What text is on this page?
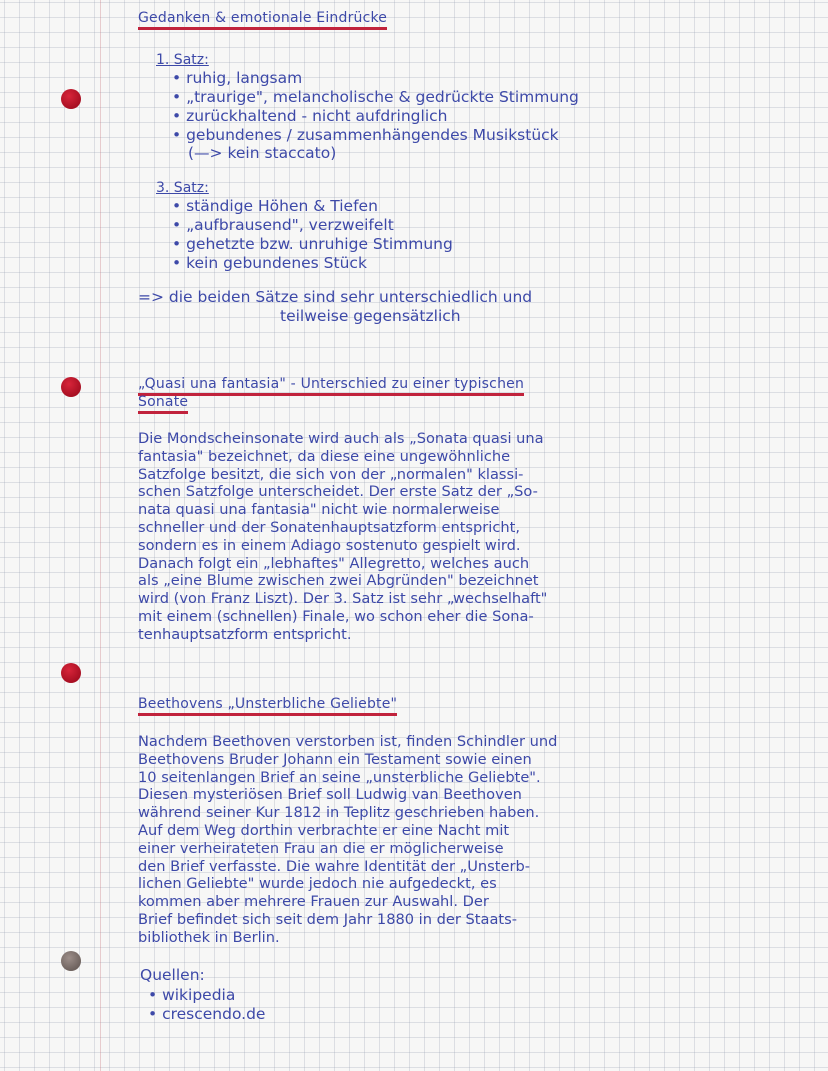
Gedanken & emotionale Eindrücke
1. Satz:
• ruhig, langsam
• „traurige", melancholische & gedrückte Stimmung
• zurückhaltend - nicht aufdringlich
• gebundenes / zusammenhängendes Musikstück
(—> kein staccato)
3. Satz:
• ständige Höhen & Tiefen
• „aufbrausend", verzweifelt
• gehetzte bzw. unruhige Stimmung
• kein gebundenes Stück
=> die beiden Sätze sind sehr unterschiedlich und
teilweise gegensätzlich
„Quasi una fantasia" - Unterschied zu einer typischen
Sonate
Die Mondscheinsonate wird auch als „Sonata quasi una
fantasia" bezeichnet, da diese eine ungewöhnliche
Satzfolge besitzt, die sich von der „normalen" klassi-
schen Satzfolge unterscheidet. Der erste Satz der „So-
nata quasi una fantasia" nicht wie normalerweise
schneller und der Sonatenhauptsatzform entspricht,
sondern es in einem Adiago sostenuto gespielt wird.
Danach folgt ein „lebhaftes" Allegretto, welches auch
als „eine Blume zwischen zwei Abgründen" bezeichnet
wird (von Franz Liszt). Der 3. Satz ist sehr „wechselhaft"
mit einem (schnellen) Finale, wo schon eher die Sona-
tenhauptsatzform entspricht.
Beethovens „Unsterbliche Geliebte"
Nachdem Beethoven verstorben ist, finden Schindler und
Beethovens Bruder Johann ein Testament sowie einen
10 seitenlangen Brief an seine „unsterbliche Geliebte".
Diesen mysteriösen Brief soll Ludwig van Beethoven
während seiner Kur 1812 in Teplitz geschrieben haben.
Auf dem Weg dorthin verbrachte er eine Nacht mit
einer verheirateten Frau an die er möglicherweise
den Brief verfasste. Die wahre Identität der „Unsterb-
lichen Geliebte" wurde jedoch nie aufgedeckt, es
kommen aber mehrere Frauen zur Auswahl. Der
Brief befindet sich seit dem Jahr 1880 in der Staats-
bibliothek in Berlin.
Quellen:
• wikipedia
• crescendo.de
